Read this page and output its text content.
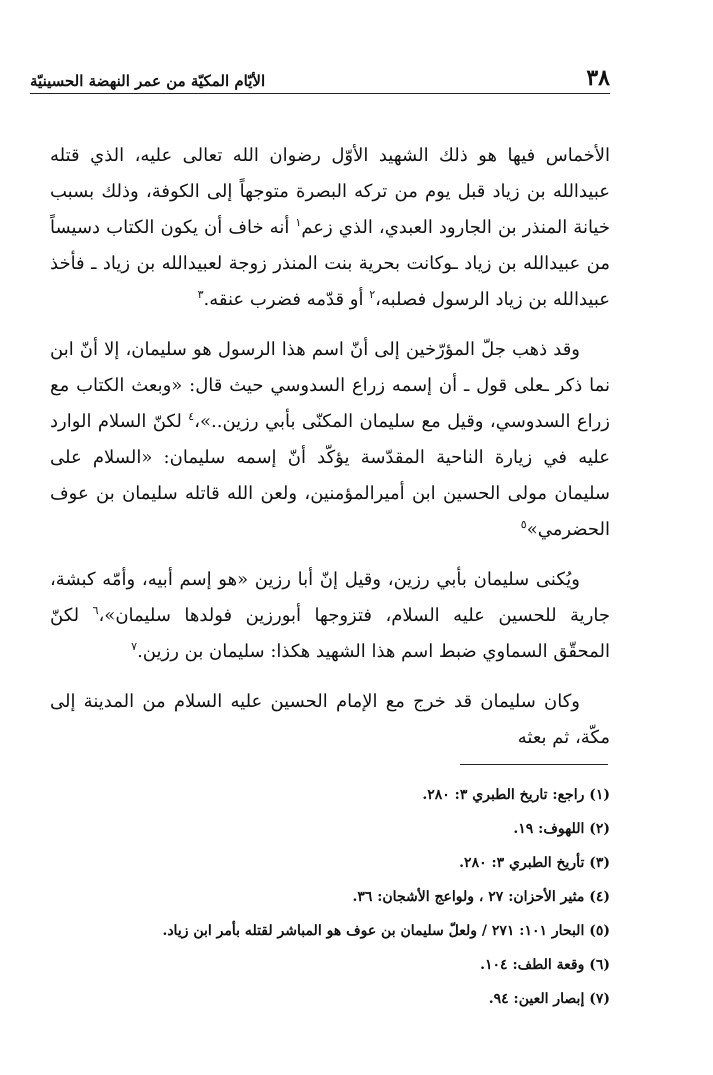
٣٨
الأيّام المكيّة من عمر النهضة الحسينيّة

الأخماس فيها هو ذلك الشهيد الأوّل رضوان الله تعالى عليه، الذي قتله عبيدالله بن زياد قبل يوم من تركه البصرة متوجهاً إلى الكوفة، وذلك بسبب خيانة المنذر بن الجارود العبدي، الذي زعم$^١$ أنه خاف أن يكون الكتاب دسيساً من عبيدالله بن زياد ـوكانت بحرية بنت المنذر زوجة لعبيدالله بن زياد ـ فأخذ عبيدالله بن زياد الرسول فصلبه،$^٢$ أو قدّمه فضرب عنقه.$^٣$

وقد ذهب جلّ المؤرّخين إلى أنّ اسم هذا الرسول هو سليمان، إلا أنّ ابن نما ذكر ـعلى قول ـ أن إسمه زراع السدوسي حيث قال: «وبعث الكتاب مع زراع السدوسي، وقيل مع سليمان المكنّى بأبي رزين..»،$^٤$ لكنّ السلام الوارد عليه في زيارة الناحية المقدّسة يؤكّد أنّ إسمه سليمان: «السلام على سليمان مولى الحسين ابن أميرالمؤمنين، ولعن الله قاتله سليمان بن عوف الحضرمي»$^٥$

ويُكنى سليمان بأبي رزين، وقيل إنّ أبا رزين «هو إسم أبيه، وأمّه كبشة، جارية للحسين عليه السلام، فتزوجها أبورزين فولدها سليمان»،$^٦$ لكنّ المحقّق السماوي ضبط اسم هذا الشهيد هكذا: سليمان بن رزين.$^٧$

وكان سليمان قد خرج مع الإمام الحسين عليه السلام من المدينة إلى مكّة، ثم بعثه

(١) راجع: تاريخ الطبري ٣: ٢٨٠.
(٢) اللهوف: ١٩.
(٣) تأريخ الطبري ٣: ٢٨٠.
(٤) مثير الأحزان: ٢٧ ، ولواعج الأشجان: ٣٦.
(٥) البحار ١٠١: ٢٧١ / ولعلّ سليمان بن عوف هو المباشر لقتله بأمر ابن زياد.
(٦) وقعة الطف: ١٠٤.
(٧) إبصار العين: ٩٤.
